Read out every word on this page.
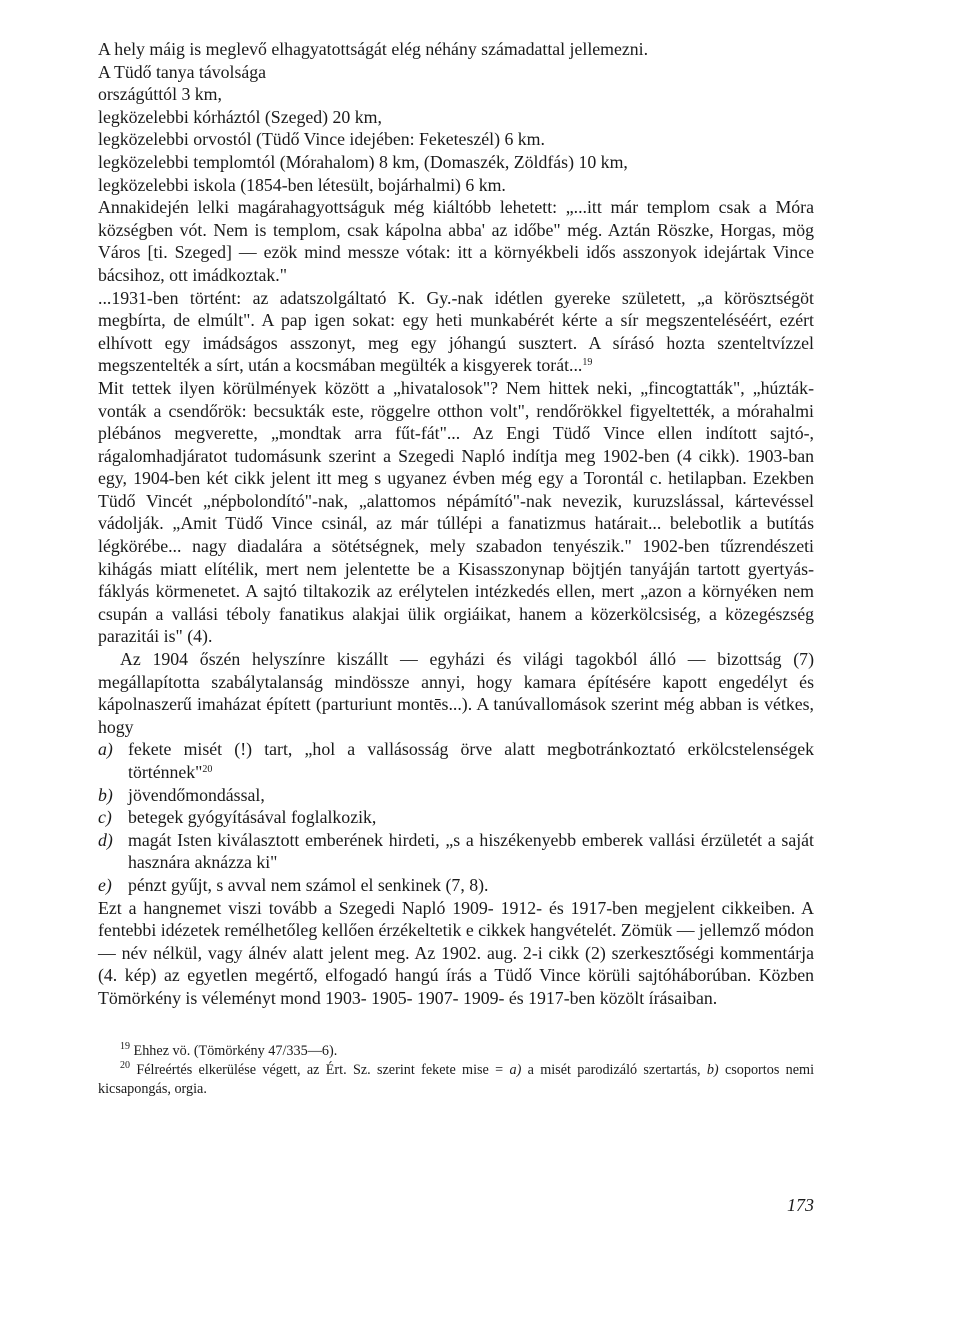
A hely máig is meglevő elhagyatottságát elég néhány számadattal jellemezni.

A Tüdő tanya távolsága

országúttól 3 km,

legközelebbi kórháztól (Szeged) 20 km,

legközelebbi orvostól (Tüdő Vince idejében: Feketeszél) 6 km.

legközelebbi templomtól (Mórahalom) 8 km, (Domaszék, Zöldfás) 10 km,

legközelebbi iskola (1854-ben létesült, bojárhalmi) 6 km.

Annakidején lelki magárahagyottságuk még kiáltóbb lehetett: „...itt már templom csak a Móra községben vót. Nem is templom, csak kápolna abba' az időbe" még. Aztán Röszke, Horgas, mög Város [ti. Szeged] — ezök mind messze vótak: itt a környékbeli idős asszonyok idejártak Vince bácsihoz, ott imádkoztak."

...1931-ben történt: az adatszolgáltató K. Gy.-nak idétlen gyereke született, „a körösztségöt megbírta, de elmúlt". A pap igen sokat: egy heti munkabérét kérte a sír megszenteléséért, ezért elhívott egy imádságos asszonyt, meg egy jóhangú susztert. A sírásó hozta szenteltvízzel megszentelték a sírt, után a kocsmában megülték a kisgyerek torát...$^{19}$

Mit tettek ilyen körülmények között a „hivatalosok"? Nem hittek neki, „fincogtatták", „húzták-vonták a csendőrök: becsukták este, röggelre otthon volt", rendőrökkel figyeltették, a mórahalmi plébános megverette, „mondtak arra fűt-fát"... Az Engi Tüdő Vince ellen indított sajtó-, rágalomhadjáratot tudomásunk szerint a Szegedi Napló indítja meg 1902-ben (4 cikk). 1903-ban egy, 1904-ben két cikk jelent itt meg s ugyanez évben még egy a Torontál c. hetilapban. Ezekben Tüdő Vincét „népbolondító"-nak, „alattomos népámító"-nak nevezik, kuruzslással, kártevéssel vádolják. „Amit Tüdő Vince csinál, az már túllépi a fanatizmus határait... belebotlik a butítás légkörébe... nagy diadalára a sötétségnek, mely szabadon tenyészik." 1902-ben tűzrendészeti kihágás miatt elítélik, mert nem jelentette be a Kisasszonynap böjtjén tanyáján tartott gyertyás-fáklyás körmenetet. A sajtó tiltakozik az erélytelen intézkedés ellen, mert „azon a környéken nem csupán a vallási téboly fanatikus alakjai ülik orgiáikat, hanem a közerkölcsiség, a közegészség parazitái is" (4).

Az 1904 őszén helyszínre kiszállt — egyházi és világi tagokból álló — bizottság (7) megállapította szabálytalanság mindössze annyi, hogy kamara építésére kapott engedélyt és kápolnaszerű imaházat épített (parturiunt montēs...). A tanúvallomások szerint még abban is vétkes, hogy

a) fekete misét (!) tart, „hol a vallásosság örve alatt megbotránkoztató erkölcstelenségek történnek"$^{20}$
b) jövendőmondással,
c) betegek gyógyításával foglalkozik,
d) magát Isten kiválasztott emberének hirdeti, „s a hiszékenyebb emberek vallási érzületét a saját hasznára aknázza ki"
e) pénzt gyűjt, s avval nem számol el senkinek (7, 8).

Ezt a hangnemet viszi tovább a Szegedi Napló 1909- 1912- és 1917-ben megjelent cikkeiben. A fentebbi idézetek remélhetőleg kellően érzékeltetik e cikkek hangvételét. Zömük — jellemző módon — név nélkül, vagy álnév alatt jelent meg. Az 1902. aug. 2-i cikk (2) szerkesztőségi kommentárja (4. kép) az egyetlen megértő, elfogadó hangú írás a Tüdő Vince körüli sajtóháborúban. Közben Tömörkény is véleményt mond 1903- 1905- 1907- 1909- és 1917-ben közölt írásaiban.

$^{19}$ Ehhez vö. (Tömörkény 47/335—6).

$^{20}$ Félreértés elkerülése végett, az Ért. Sz. szerint fekete mise = a) a misét parodizáló szertartás, b) csoportos nemi kicsapongás, orgia.

173
